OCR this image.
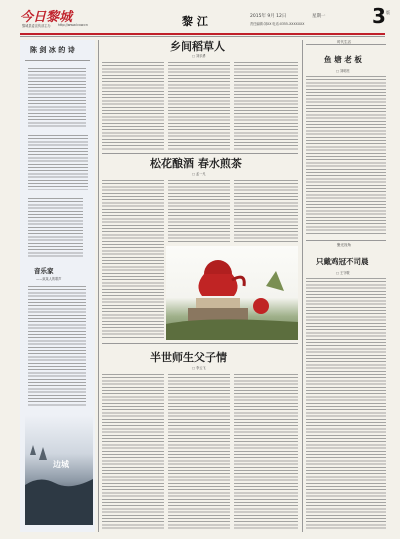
今日黎城
黎城县委宣传部主办 http://www.lcxw.cn	黎 江	2015年 9月 12日	星期一
责任编辑:刘XX 电话:0355-XXXXXXX	3 版
陈 剑 冰 的 诗
音乐家
——致某人的歌声
边城
乡间稻草人
□ 刘乐勇
松花酿酒 春水煎茶
□ 孟一凡
半世师生父子情
□ 李云飞
时代生活
鱼 塘 老 板
□ 刘明亮
聚光视角
只戴鸡冠不司晨
□ 王守敬
